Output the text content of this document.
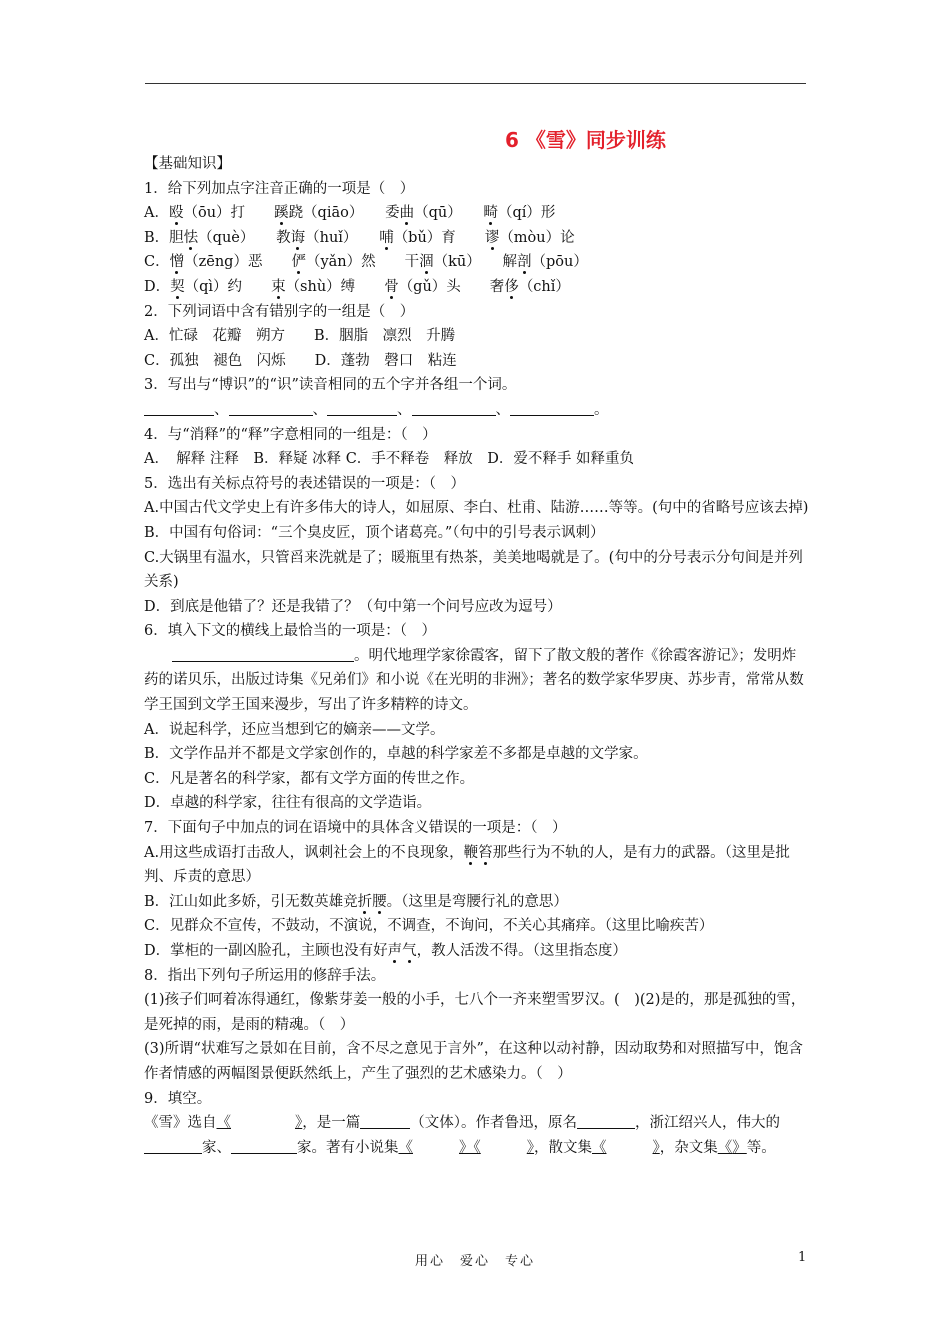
6 《雪》同步训练
【基础知识】
1．给下列加点字注音正确的一项是（　）
A．殴（ōu）打　　蹊跷（qiāo）　　委曲（qū）　　畸（qí）形
B．胆怯（què）　　教诲（huǐ）　　哺（bǔ）育　　谬（mòu）论
C．憎（zēng）恶　　俨（yǎn）然　　干涸（kū）　　解剖（pōu）
D．契（qì）约　　束（shù）缚　　骨（gǔ）头　　奢侈（chǐ）
2．下列词语中含有错别字的一组是（　）
A．忙碌　花瓣　朔方　　B．胭脂　凛烈　升腾
C．孤独　褪色　闪烁　　D．蓬勃　磬口　粘连
3．写出与“博识”的“识”读音相同的五个字并各组一个词。
、	、	、	、	。
4．与“消释”的“释”字意相同的一组是：（　）
A．　解释 注释　B．释疑 冰释 C．手不释卷　释放　D．爱不释手 如释重负
5．选出有关标点符号的表述错误的一项是：（　）
A.中国古代文学史上有许多伟大的诗人，如屈原、李白、杜甫、陆游……等等。(句中的省略号应该去掉)
B．中国有句俗词：“三个臭皮匠，顶个诸葛亮。”（句中的引号表示讽刺）
C.大锅里有温水，只管舀来洗就是了；暖瓶里有热茶，美美地喝就是了。(句中的分号表示分句间是并列关系)
D．到底是他错了？还是我错了？（句中第一个问号应改为逗号）
6．填入下文的横线上最恰当的一项是：（　）
。明代地理学家徐霞客，留下了散文般的著作《徐霞客游记》；发明炸药的诺贝乐，出版过诗集《兄弟们》和小说《在光明的非洲》；著名的数学家华罗庚、苏步青，常常从数学王国到文学王国来漫步，写出了许多精粹的诗文。
A．说起科学，还应当想到它的嫡亲——文学。
B．文学作品并不都是文学家创作的，卓越的科学家差不多都是卓越的文学家。
C．凡是著名的科学家，都有文学方面的传世之作。
D．卓越的科学家，往往有很高的文学造诣。
7．下面句子中加点的词在语境中的具体含义错误的一项是：（　）
A.用这些成语打击敌人，讽刺社会上的不良现象，鞭笞那些行为不轨的人，是有力的武器。（这里是批判、斥责的意思）
B．江山如此多娇，引无数英雄竞折腰。（这里是弯腰行礼的意思）
C．见群众不宣传，不鼓动，不演说，不调查，不询问，不关心其痛痒。（这里比喻疾苦）
D．掌柜的一副凶脸孔，主顾也没有好声气，教人活泼不得。（这里指态度）
8．指出下列句子所运用的修辞手法。
(1)孩子们呵着冻得通红，像紫芽姜一般的小手，七八个一齐来塑雪罗汉。(　)(2)是的，那是孤独的雪，是死掉的雨，是雨的精魂。（　）
(3)所谓“状难写之景如在目前，含不尽之意见于言外”，在这种以动衬静，因动取势和对照描写中，饱含作者情感的两幅图景便跃然纸上，产生了强烈的艺术感染力。（　）
9．填空。
《雪》选自《	》，是一篇	（文体）。作者鲁迅，原名	，浙江绍兴人，伟大的家、	家。著有小说集《	》《	》，散文集《	》，杂文集《》等。
用心　爱心　专心	1
